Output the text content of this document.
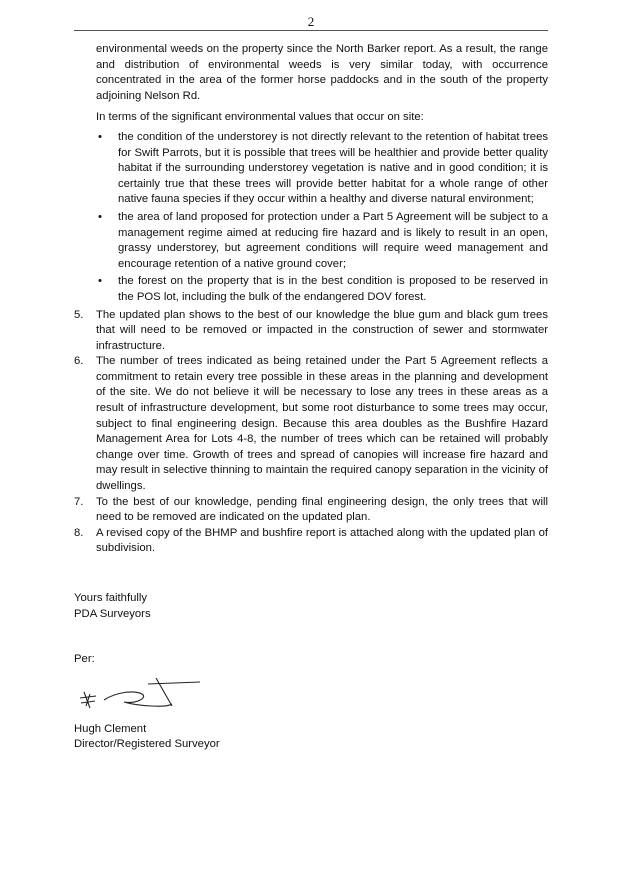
2

environmental weeds on the property since the North Barker report. As a result, the range and distribution of environmental weeds is very similar today, with occurrence concentrated in the area of the former horse paddocks and in the south of the property adjoining Nelson Rd.

In terms of the significant environmental values that occur on site:

• the condition of the understorey is not directly relevant to the retention of habitat trees for Swift Parrots, but it is possible that trees will be healthier and provide better quality habitat if the surrounding understorey vegetation is native and in good condition; it is certainly true that these trees will provide better habitat for a whole range of other native fauna species if they occur within a healthy and diverse natural environment;
• the area of land proposed for protection under a Part 5 Agreement will be subject to a management regime aimed at reducing fire hazard and is likely to result in an open, grassy understorey, but agreement conditions will require weed management and encourage retention of a native ground cover;
• the forest on the property that is in the best condition is proposed to be reserved in the POS lot, including the bulk of the endangered DOV forest.
5. The updated plan shows to the best of our knowledge the blue gum and black gum trees that will need to be removed or impacted in the construction of sewer and stormwater infrastructure.
6. The number of trees indicated as being retained under the Part 5 Agreement reflects a commitment to retain every tree possible in these areas in the planning and development of the site. We do not believe it will be necessary to lose any trees in these areas as a result of infrastructure development, but some root disturbance to some trees may occur, subject to final engineering design. Because this area doubles as the Bushfire Hazard Management Area for Lots 4-8, the number of trees which can be retained will probably change over time. Growth of trees and spread of canopies will increase fire hazard and may result in selective thinning to maintain the required canopy separation in the vicinity of dwellings.
7. To the best of our knowledge, pending final engineering design, the only trees that will need to be removed are indicated on the updated plan.
8. A revised copy of the BHMP and bushfire report is attached along with the updated plan of subdivision.
Yours faithfully
PDA Surveyors
Per:
Hugh Clement
Director/Registered Surveyor
